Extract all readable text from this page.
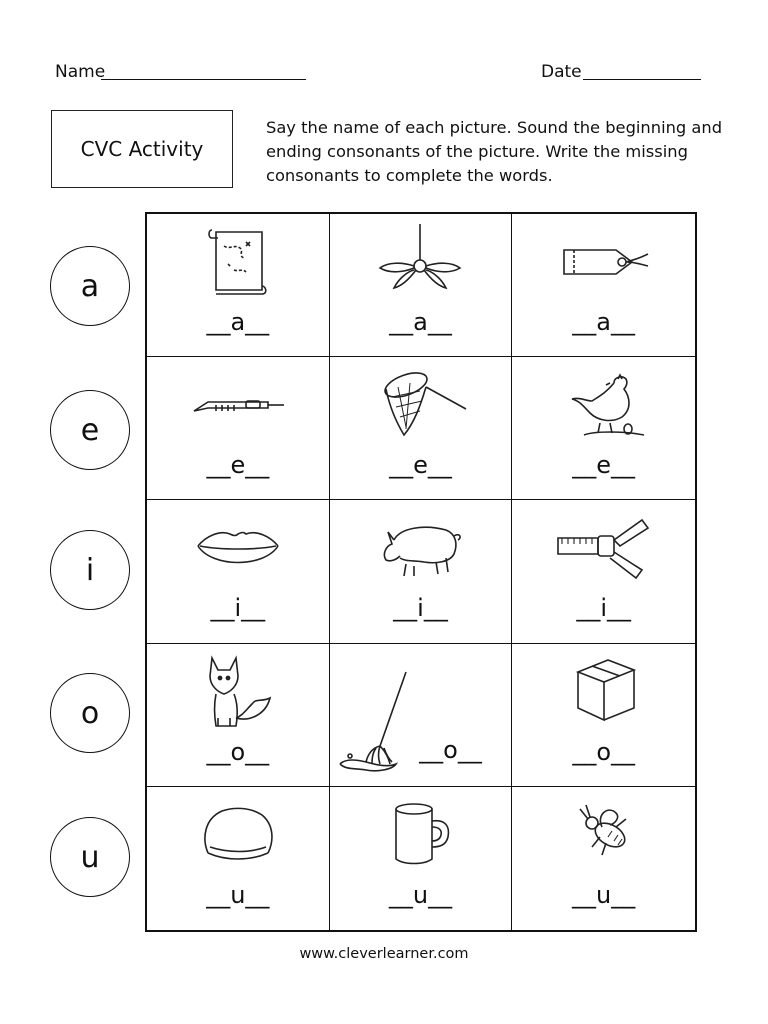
Name	Date
CVC Activity
Say the name of each picture. Sound the beginning and ending consonants of the picture. Write the missing consonants to complete the words.
a
e
i
o
u
__a__	__a__	__a__
__e__	__e__	__e__
__i__	__i__	__i__
__o__	__o__	__o__
__u__	__u__	__u__
www.cleverlearner.com
